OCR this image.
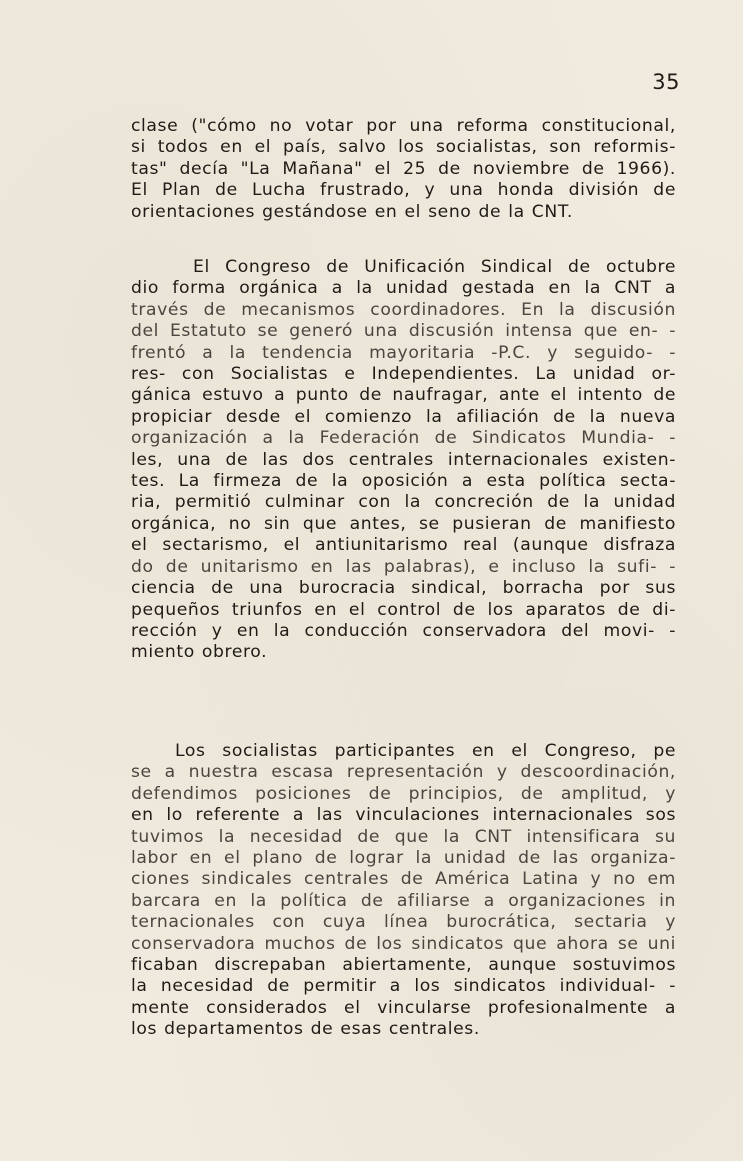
35
clase ("cómo no votar por una reforma constitucional,
si todos en el país, salvo los socialistas, son reformis-
tas" decía "La Mañana" el 25 de noviembre de 1966).
El Plan de Lucha frustrado, y una honda división de
orientaciones gestándose en el seno de la CNT.
El Congreso de Unificación Sindical de octubre
dio forma orgánica a la unidad gestada en la CNT a
través de mecanismos coordinadores. En la discusión
del Estatuto se generó una discusión intensa que en- -
frentó a la tendencia mayoritaria -P.C. y seguido- -
res- con Socialistas e Independientes. La unidad or-
gánica estuvo a punto de naufragar, ante el intento de
propiciar desde el comienzo la afiliación de la nueva
organización a la Federación de Sindicatos Mundia- -
les, una de las dos centrales internacionales existen-
tes. La firmeza de la oposición a esta política secta-
ria, permitió culminar con la concreción de la unidad
orgánica, no sin que antes, se pusieran de manifiesto
el sectarismo, el antiunitarismo real (aunque disfraza
do de unitarismo en las palabras), e incluso la sufi- -
ciencia de una burocracia sindical, borracha por sus
pequeños triunfos en el control de los aparatos de di-
rección y en la conducción conservadora del movi- -
miento obrero.
Los socialistas participantes en el Congreso, pe
se a nuestra escasa representación y descoordinación,
defendimos posiciones de principios, de amplitud, y
en lo referente a las vinculaciones internacionales sos
tuvimos la necesidad de que la CNT intensificara su
labor en el plano de lograr la unidad de las organiza-
ciones sindicales centrales de América Latina y no em
barcara en la política de afiliarse a organizaciones in
ternacionales con cuya línea burocrática, sectaria y
conservadora muchos de los sindicatos que ahora se uni
ficaban discrepaban abiertamente, aunque sostuvimos
la necesidad de permitir a los sindicatos individual- -
mente considerados el vincularse profesionalmente a
los departamentos de esas centrales.
